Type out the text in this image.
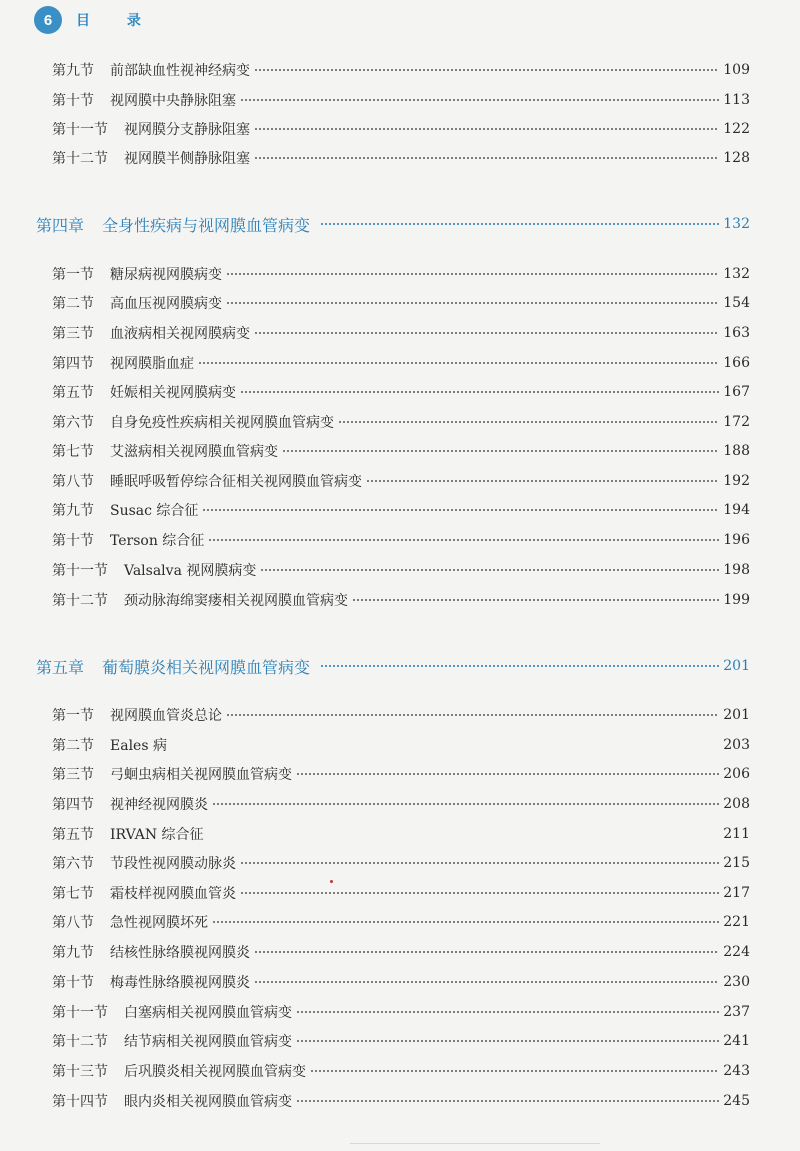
6	目 录
第九节 前部缺血性视神经病变	109
第十节 视网膜中央静脉阻塞	113
第十一节 视网膜分支静脉阻塞	122
第十二节 视网膜半侧静脉阻塞	128
第四章 全身性疾病与视网膜血管病变	132
第一节 糖尿病视网膜病变	132
第二节 高血压视网膜病变	154
第三节 血液病相关视网膜病变	163
第四节 视网膜脂血症	166
第五节 妊娠相关视网膜病变	167
第六节 自身免疫性疾病相关视网膜血管病变	172
第七节 艾滋病相关视网膜血管病变	188
第八节 睡眠呼吸暂停综合征相关视网膜血管病变	192
第九节 Susac 综合征	194
第十节 Terson 综合征	196
第十一节 Valsalva 视网膜病变	198
第十二节 颈动脉海绵窦瘘相关视网膜血管病变	199
第五章 葡萄膜炎相关视网膜血管病变	201
第一节 视网膜血管炎总论	201
第二节 Eales 病	203
第三节 弓蛔虫病相关视网膜血管病变	206
第四节 视神经视网膜炎	208
第五节 IRVAN 综合征	211
第六节 节段性视网膜动脉炎	215
第七节 霜枝样视网膜血管炎	217
第八节 急性视网膜坏死	221
第九节 结核性脉络膜视网膜炎	224
第十节 梅毒性脉络膜视网膜炎	230
第十一节 白塞病相关视网膜血管病变	237
第十二节 结节病相关视网膜血管病变	241
第十三节 后巩膜炎相关视网膜血管病变	243
第十四节 眼内炎相关视网膜血管病变	245
